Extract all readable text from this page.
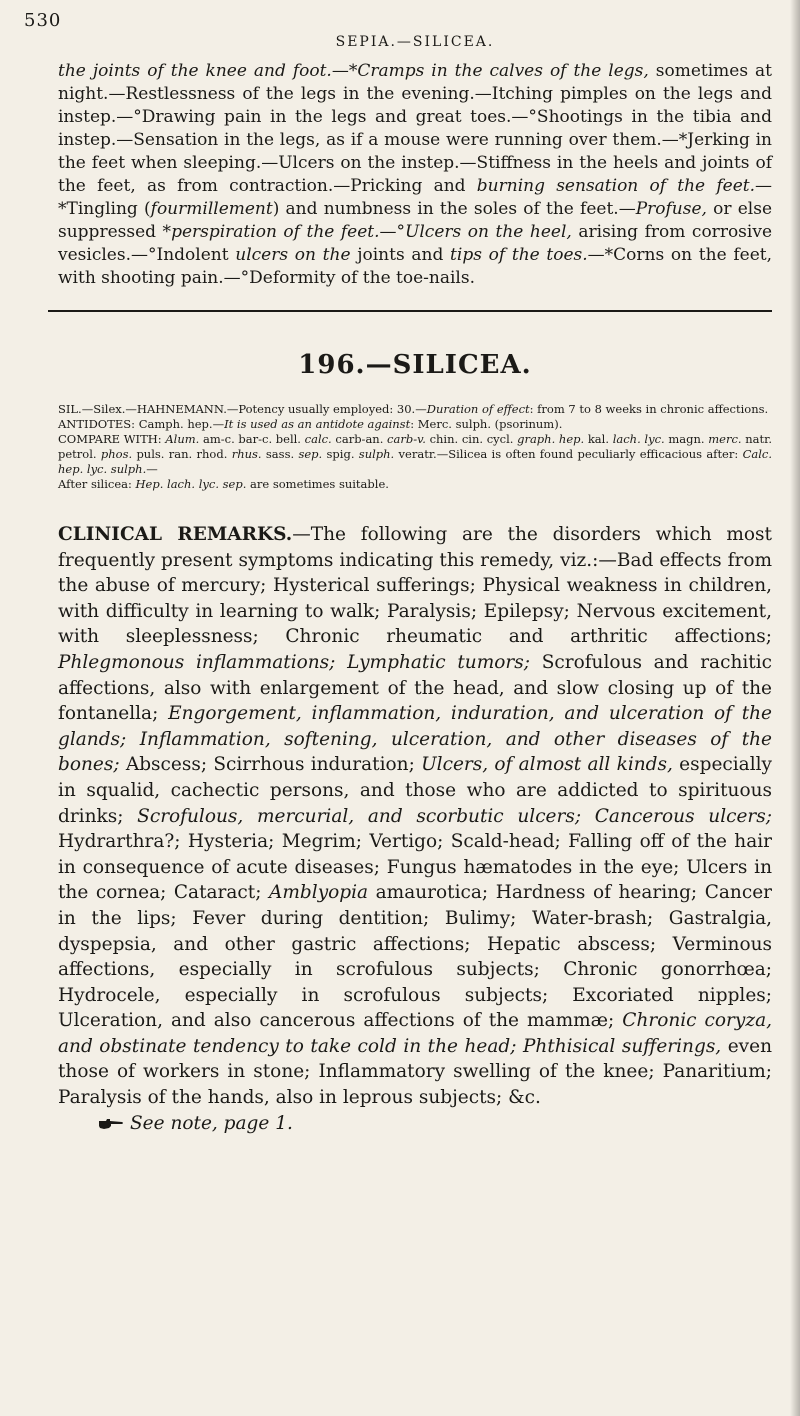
530
SEPIA.—SILICEA.

the joints of the knee and foot.—*Cramps in the calves of the legs, sometimes at night.—Restlessness of the legs in the evening.—Itching pimples on the legs and instep.—°Drawing pain in the legs and great toes.—°Shootings in the tibia and instep.—Sensation in the legs, as if a mouse were running over them.—*Jerking in the feet when sleeping.—Ulcers on the instep.—Stiffness in the heels and joints of the feet, as from contraction.—Pricking and burning sensation of the feet.—*Tingling (fourmillement) and numbness in the soles of the feet.—Profuse, or else suppressed *perspiration of the feet.—°Ulcers on the heel, arising from corrosive vesicles.—°Indolent ulcers on the joints and tips of the toes.—*Corns on the feet, with shooting pain.—°Deformity of the toe-nails.

196.—SILICEA.

SIL.—Silex.—HAHNEMANN.—Potency usually employed: 30.—Duration of effect: from 7 to 8 weeks in chronic affections.

ANTIDOTES: Camph. hep.—It is used as an antidote against: Merc. sulph. (psorinum).

COMPARE WITH: Alum. am-c. bar-c. bell. calc. carb-an. carb-v. chin. cin. cycl. graph. hep. kal. lach. lyc. magn. merc. natr. petrol. phos. puls. ran. rhod. rhus. sass. sep. spig. sulph. veratr.—Silicea is often found peculiarly efficacious after: Calc. hep. lyc. sulph.—

After silicea: Hep. lach. lyc. sep. are sometimes suitable.

CLINICAL REMARKS.—The following are the disorders which most frequently present symptoms indicating this remedy, viz.:—Bad effects from the abuse of mercury; Hysterical sufferings; Physical weakness in children, with difficulty in learning to walk; Paralysis; Epilepsy; Nervous excitement, with sleeplessness; Chronic rheumatic and arthritic affections; Phlegmonous inflammations; Lymphatic tumors; Scrofulous and rachitic affections, also with enlargement of the head, and slow closing up of the fontanella; Engorgement, inflammation, induration, and ulceration of the glands; Inflammation, softening, ulceration, and other diseases of the bones; Abscess; Scirrhous induration; Ulcers, of almost all kinds, especially in squalid, cachectic persons, and those who are addicted to spirituous drinks; Scrofulous, mercurial, and scorbutic ulcers; Cancerous ulcers; Hydrarthra?; Hysteria; Megrim; Vertigo; Scald-head; Falling off of the hair in consequence of acute diseases; Fungus hæmatodes in the eye; Ulcers in the cornea; Cataract; Amblyopia amaurotica; Hardness of hearing; Cancer in the lips; Fever during dentition; Bulimy; Water-brash; Gastralgia, dyspepsia, and other gastric affections; Hepatic abscess; Verminous affections, especially in scrofulous subjects; Chronic gonorrhœa; Hydrocele, especially in scrofulous subjects; Excoriated nipples; Ulceration, and also cancerous affections of the mammæ; Chronic coryza, and obstinate tendency to take cold in the head; Phthisical sufferings, even those of workers in stone; Inflammatory swelling of the knee; Panaritium; Paralysis of the hands, also in leprous subjects; &c.

See note, page 1.
